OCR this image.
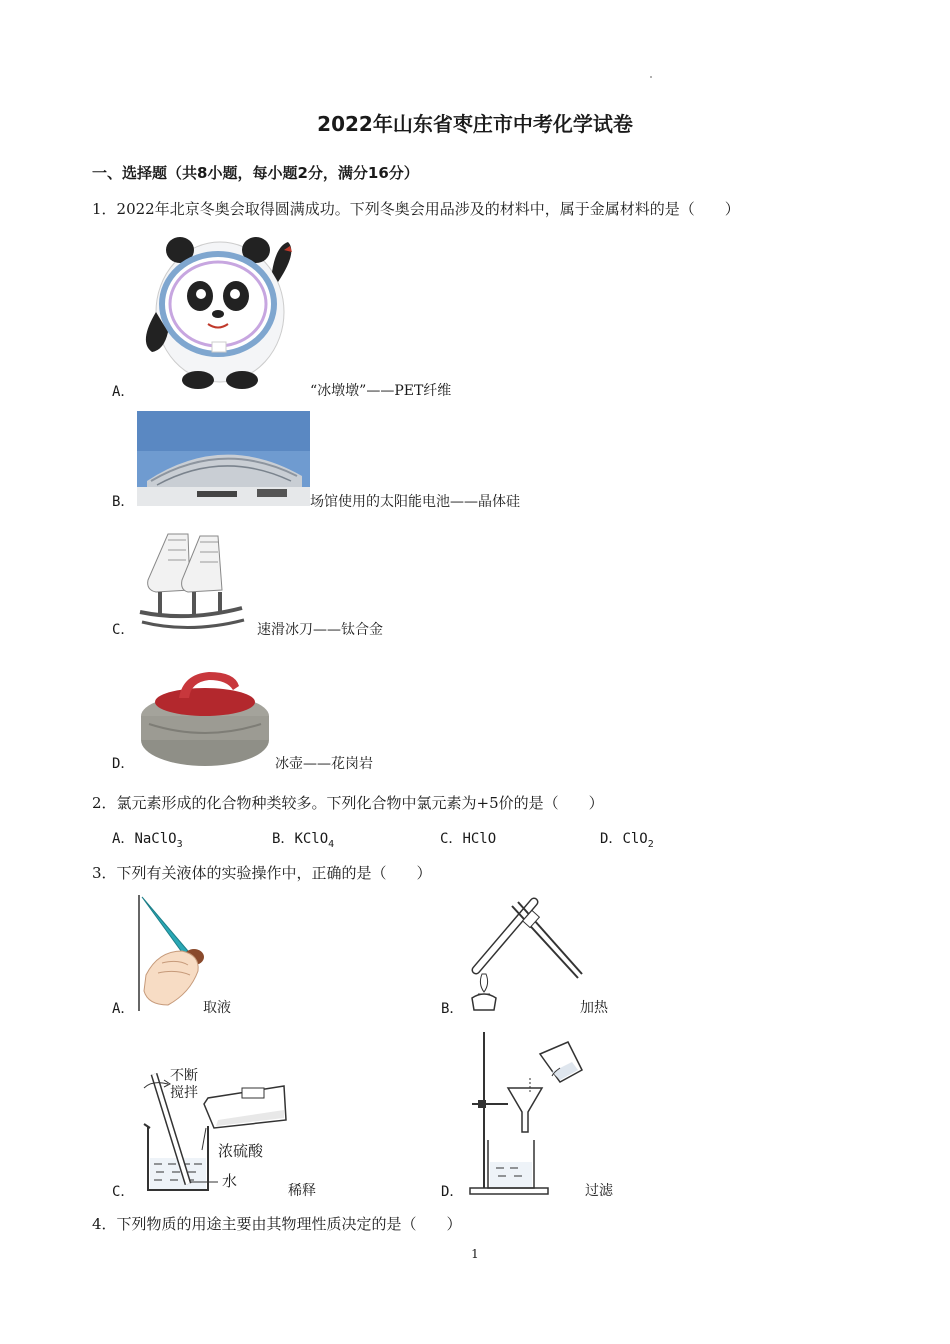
2022年山东省枣庄市中考化学试卷
一、选择题（共8小题，每小题2分，满分16分）
1．2022年北京冬奥会取得圆满成功。下列冬奥会用品涉及的材料中，属于金属材料的是（　　）
A．	“冰墩墩”——PET纤维
B．	场馆使用的太阳能电池——晶体硅
C．	速滑冰刀——钛合金
D．	冰壶——花岗岩
2．氯元素形成的化合物种类较多。下列化合物中氯元素为+5价的是（　　）
A．NaClO$_3$	B．KClO$_4$	C．HClO	D．ClO$_2$
3．下列有关液体的实验操作中，正确的是（　　）
A．	取液	B．	加热
不断搅拌
浓硫酸
水
C．	稀释	D．	过滤
4．下列物质的用途主要由其物理性质决定的是（　　）
1
